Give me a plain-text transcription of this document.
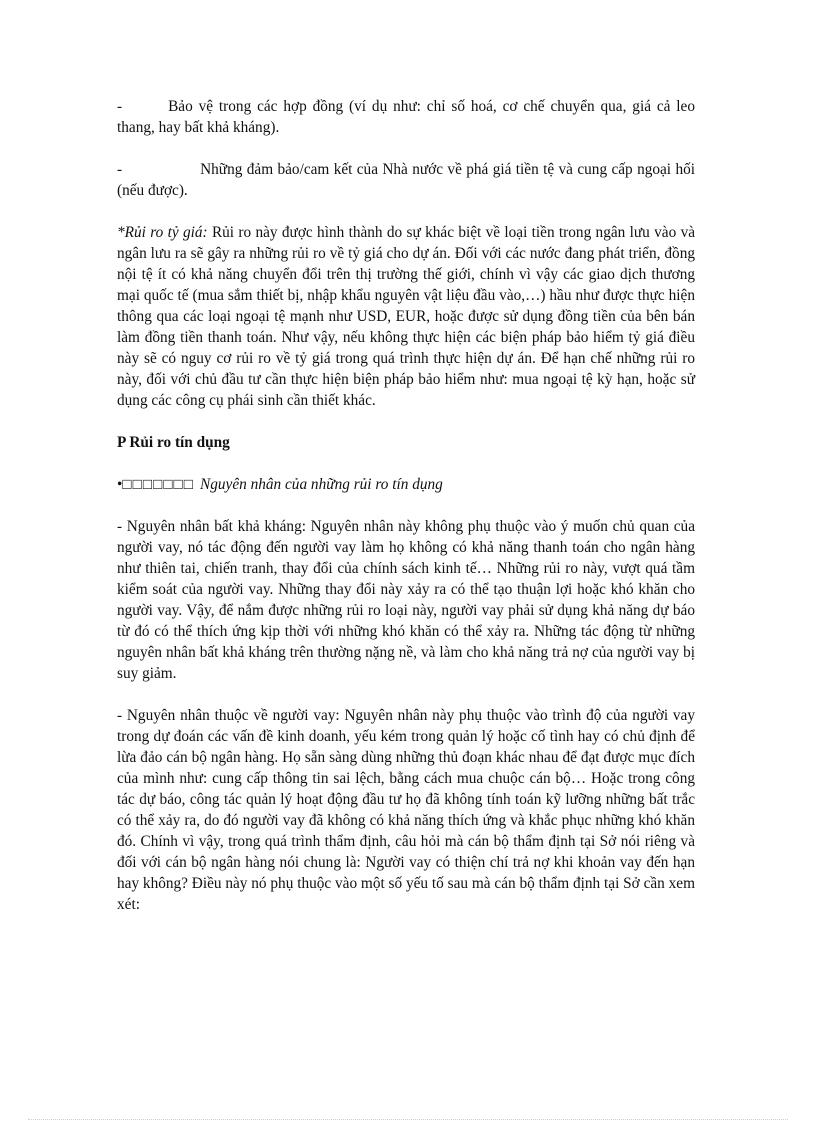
-	Bảo vệ trong các hợp đồng (ví dụ như: chỉ số hoá, cơ chế chuyển qua, giá cả leo thang, hay bất khả kháng).

-	Những đảm bảo/cam kết của Nhà nước về phá giá tiền tệ và cung cấp ngoại hối (nếu được).

*Rủi ro tỷ giá: Rủi ro này được hình thành do sự khác biệt về loại tiền trong ngân lưu vào và ngân lưu ra sẽ gây ra những rủi ro về tỷ giá cho dự án. Đối với các nước đang phát triển, đồng nội tệ ít có khả năng chuyển đổi trên thị trường thế giới, chính vì vậy các giao dịch thương mại quốc tế (mua sắm thiết bị, nhập khẩu nguyên vật liệu đầu vào,…) hầu như được thực hiện thông qua các loại ngoại tệ mạnh như USD, EUR, hoặc được sử dụng đồng tiền của bên bán làm đồng tiền thanh toán. Như vậy, nếu không thực hiện các biện pháp bảo hiểm tỷ giá điều này sẽ có nguy cơ rủi ro về tỷ giá trong quá trình thực hiện dự án. Để hạn chế những rủi ro này, đối với chủ đầu tư cần thực hiện biện pháp bảo hiểm như: mua ngoại tệ kỳ hạn, hoặc sử dụng các công cụ phái sinh cần thiết khác.

P Rủi ro tín dụng

•□□□□□□□ Nguyên nhân của những rủi ro tín dụng

- Nguyên nhân bất khả kháng: Nguyên nhân này không phụ thuộc vào ý muốn chủ quan của người vay, nó tác động đến người vay làm họ không có khả năng thanh toán cho ngân hàng như thiên tai, chiến tranh, thay đổi của chính sách kinh tế… Những rủi ro này, vượt quá tầm kiểm soát của người vay. Những thay đổi này xảy ra có thể tạo thuận lợi hoặc khó khăn cho người vay. Vậy, để nắm được những rủi ro loại này, người vay phải sử dụng khả năng dự báo từ đó có thể thích ứng kịp thời với những khó khăn có thể xảy ra. Những tác động từ những nguyên nhân bất khả kháng trên thường nặng nề, và làm cho khả năng trả nợ của người vay bị suy giảm.

- Nguyên nhân thuộc về người vay: Nguyên nhân này phụ thuộc vào trình độ của người vay trong dự đoán các vấn đề kinh doanh, yếu kém trong quản lý hoặc cố tình hay có chủ định để lừa đảo cán bộ ngân hàng. Họ sẵn sàng dùng những thủ đoạn khác nhau để đạt được mục đích của mình như: cung cấp thông tin sai lệch, bằng cách mua chuộc cán bộ… Hoặc trong công tác dự báo, công tác quản lý hoạt động đầu tư họ đã không tính toán kỹ lưỡng những bất trắc có thể xảy ra, do đó người vay đã không có khả năng thích ứng và khắc phục những khó khăn đó. Chính vì vậy, trong quá trình thẩm định, câu hỏi mà cán bộ thẩm định tại Sở nói riêng và đối với cán bộ ngân hàng nói chung là: Người vay có thiện chí trả nợ khi khoản vay đến hạn hay không? Điều này nó phụ thuộc vào một số yếu tố sau mà cán bộ thẩm định tại Sở cần xem xét:
